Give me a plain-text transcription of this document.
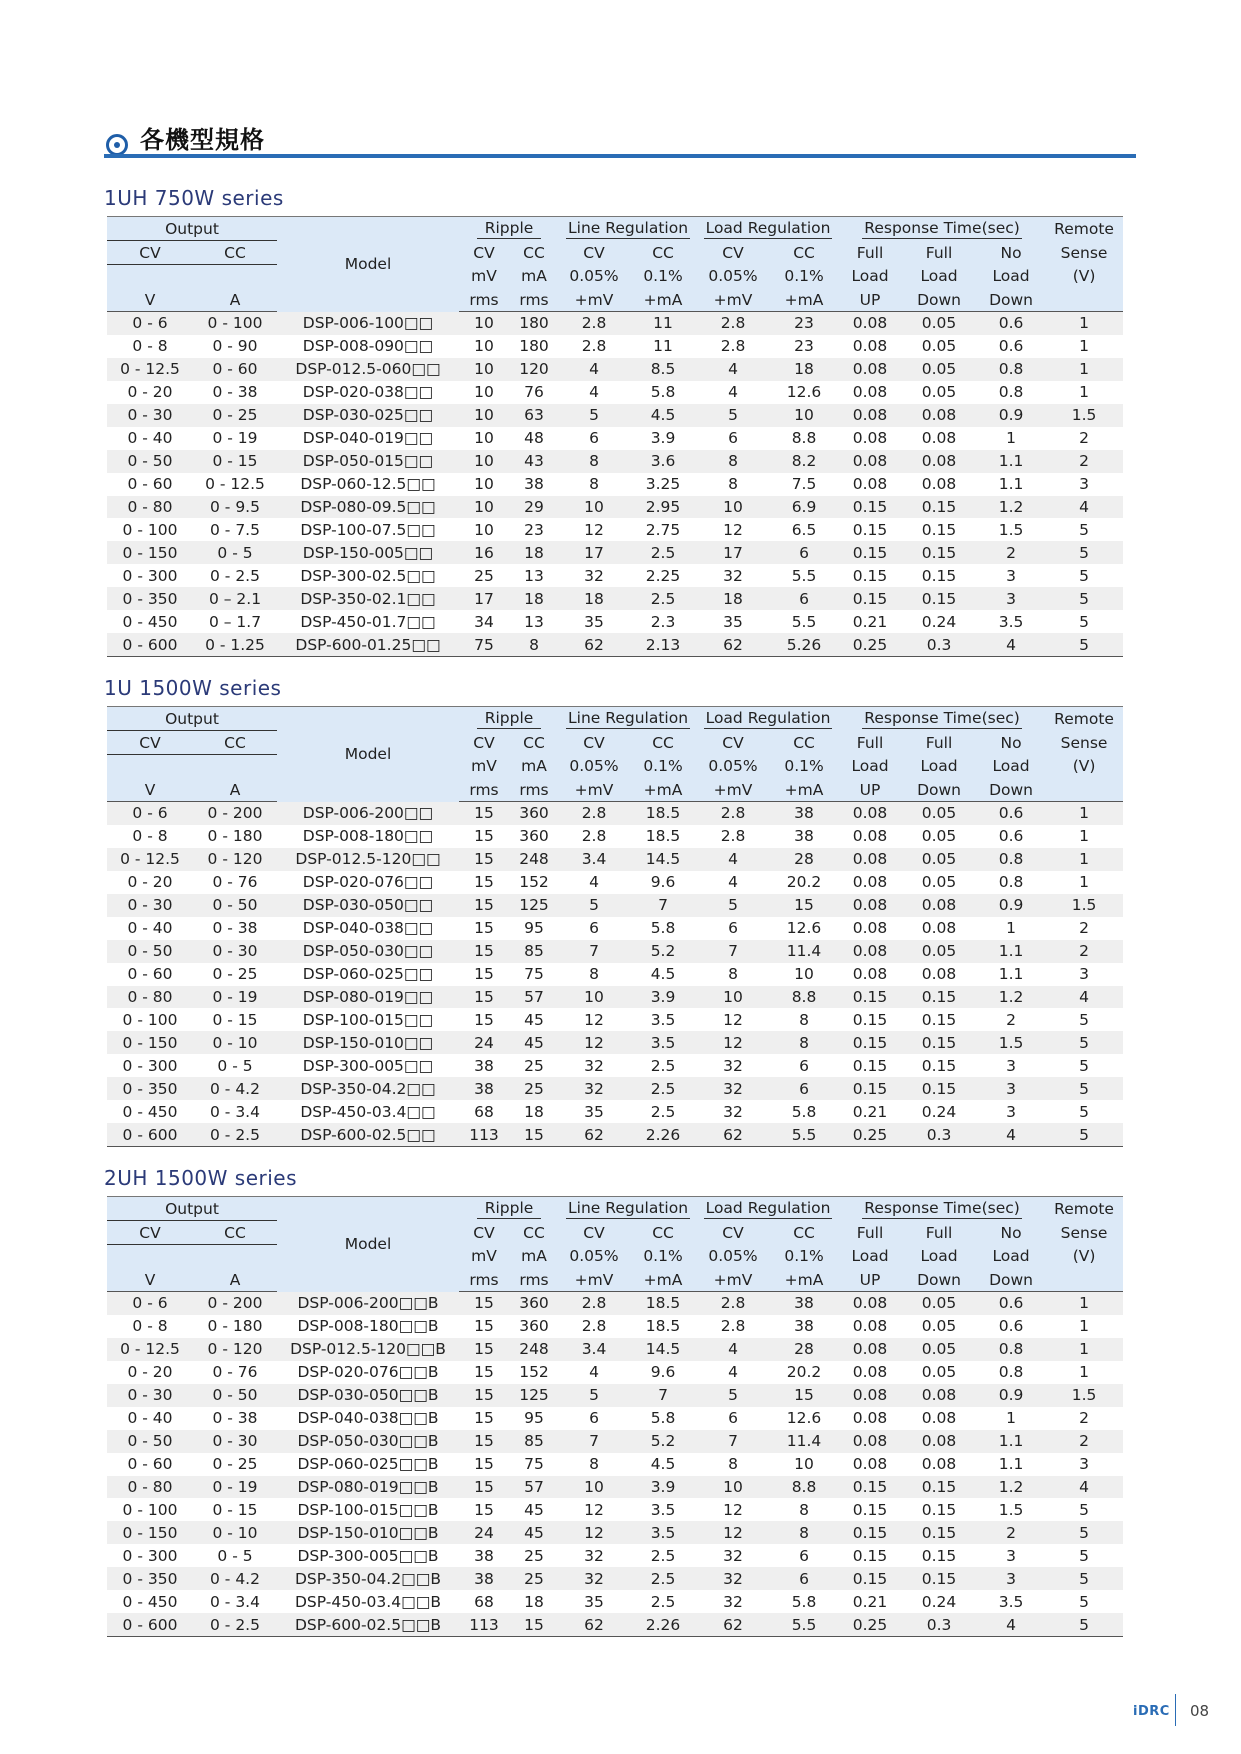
各機型規格
1UH 750W series
Output		Model	Ripple		Line Regulation		Load Regulation		Response Time(sec)			Remote
CV	CC		CV	CC	CV	CC	CV	CC	Full	Full	No	Sense
			mV	mA	0.05%	0.1%	0.05%	0.1%	Load	Load	Load	(V)
V	A		rms	rms	+mV	+mA	+mV	+mA	UP	Down	Down	
0 - 6	0 - 100	DSP-006-100□□	10	180	2.8	11	2.8	23	0.08	0.05	0.6	1
0 - 8	0 - 90	DSP-008-090□□	10	180	2.8	11	2.8	23	0.08	0.05	0.6	1
0 - 12.5	0 - 60	DSP-012.5-060□□	10	120	4	8.5	4	18	0.08	0.05	0.8	1
0 - 20	0 - 38	DSP-020-038□□	10	76	4	5.8	4	12.6	0.08	0.05	0.8	1
0 - 30	0 - 25	DSP-030-025□□	10	63	5	4.5	5	10	0.08	0.08	0.9	1.5
0 - 40	0 - 19	DSP-040-019□□	10	48	6	3.9	6	8.8	0.08	0.08	1	2
0 - 50	0 - 15	DSP-050-015□□	10	43	8	3.6	8	8.2	0.08	0.08	1.1	2
0 - 60	0 - 12.5	DSP-060-12.5□□	10	38	8	3.25	8	7.5	0.08	0.08	1.1	3
0 - 80	0 - 9.5	DSP-080-09.5□□	10	29	10	2.95	10	6.9	0.15	0.15	1.2	4
0 - 100	0 - 7.5	DSP-100-07.5□□	10	23	12	2.75	12	6.5	0.15	0.15	1.5	5
0 - 150	0 - 5	DSP-150-005□□	16	18	17	2.5	17	6	0.15	0.15	2	5
0 - 300	0 - 2.5	DSP-300-02.5□□	25	13	32	2.25	32	5.5	0.15	0.15	3	5
0 - 350	0 – 2.1	DSP-350-02.1□□	17	18	18	2.5	18	6	0.15	0.15	3	5
0 - 450	0 – 1.7	DSP-450-01.7□□	34	13	35	2.3	35	5.5	0.21	0.24	3.5	5
0 - 600	0 - 1.25	DSP-600-01.25□□	75	8	62	2.13	62	5.26	0.25	0.3	4	5
1U 1500W series
Output		Model	Ripple		Line Regulation		Load Regulation		Response Time(sec)			Remote
CV	CC		CV	CC	CV	CC	CV	CC	Full	Full	No	Sense
			mV	mA	0.05%	0.1%	0.05%	0.1%	Load	Load	Load	(V)
V	A		rms	rms	+mV	+mA	+mV	+mA	UP	Down	Down	
0 - 6	0 - 200	DSP-006-200□□	15	360	2.8	18.5	2.8	38	0.08	0.05	0.6	1
0 - 8	0 - 180	DSP-008-180□□	15	360	2.8	18.5	2.8	38	0.08	0.05	0.6	1
0 - 12.5	0 - 120	DSP-012.5-120□□	15	248	3.4	14.5	4	28	0.08	0.05	0.8	1
0 - 20	0 - 76	DSP-020-076□□	15	152	4	9.6	4	20.2	0.08	0.05	0.8	1
0 - 30	0 - 50	DSP-030-050□□	15	125	5	7	5	15	0.08	0.08	0.9	1.5
0 - 40	0 - 38	DSP-040-038□□	15	95	6	5.8	6	12.6	0.08	0.08	1	2
0 - 50	0 - 30	DSP-050-030□□	15	85	7	5.2	7	11.4	0.08	0.05	1.1	2
0 - 60	0 - 25	DSP-060-025□□	15	75	8	4.5	8	10	0.08	0.08	1.1	3
0 - 80	0 - 19	DSP-080-019□□	15	57	10	3.9	10	8.8	0.15	0.15	1.2	4
0 - 100	0 - 15	DSP-100-015□□	15	45	12	3.5	12	8	0.15	0.15	2	5
0 - 150	0 - 10	DSP-150-010□□	24	45	12	3.5	12	8	0.15	0.15	1.5	5
0 - 300	0 - 5	DSP-300-005□□	38	25	32	2.5	32	6	0.15	0.15	3	5
0 - 350	0 - 4.2	DSP-350-04.2□□	38	25	32	2.5	32	6	0.15	0.15	3	5
0 - 450	0 - 3.4	DSP-450-03.4□□	68	18	35	2.5	32	5.8	0.21	0.24	3	5
0 - 600	0 - 2.5	DSP-600-02.5□□	113	15	62	2.26	62	5.5	0.25	0.3	4	5
2UH 1500W series
Output		Model	Ripple		Line Regulation		Load Regulation		Response Time(sec)			Remote
CV	CC		CV	CC	CV	CC	CV	CC	Full	Full	No	Sense
			mV	mA	0.05%	0.1%	0.05%	0.1%	Load	Load	Load	(V)
V	A		rms	rms	+mV	+mA	+mV	+mA	UP	Down	Down	
0 - 6	0 - 200	DSP-006-200□□B	15	360	2.8	18.5	2.8	38	0.08	0.05	0.6	1
0 - 8	0 - 180	DSP-008-180□□B	15	360	2.8	18.5	2.8	38	0.08	0.05	0.6	1
0 - 12.5	0 - 120	DSP-012.5-120□□B	15	248	3.4	14.5	4	28	0.08	0.05	0.8	1
0 - 20	0 - 76	DSP-020-076□□B	15	152	4	9.6	4	20.2	0.08	0.05	0.8	1
0 - 30	0 - 50	DSP-030-050□□B	15	125	5	7	5	15	0.08	0.08	0.9	1.5
0 - 40	0 - 38	DSP-040-038□□B	15	95	6	5.8	6	12.6	0.08	0.08	1	2
0 - 50	0 - 30	DSP-050-030□□B	15	85	7	5.2	7	11.4	0.08	0.08	1.1	2
0 - 60	0 - 25	DSP-060-025□□B	15	75	8	4.5	8	10	0.08	0.08	1.1	3
0 - 80	0 - 19	DSP-080-019□□B	15	57	10	3.9	10	8.8	0.15	0.15	1.2	4
0 - 100	0 - 15	DSP-100-015□□B	15	45	12	3.5	12	8	0.15	0.15	1.5	5
0 - 150	0 - 10	DSP-150-010□□B	24	45	12	3.5	12	8	0.15	0.15	2	5
0 - 300	0 - 5	DSP-300-005□□B	38	25	32	2.5	32	6	0.15	0.15	3	5
0 - 350	0 - 4.2	DSP-350-04.2□□B	38	25	32	2.5	32	6	0.15	0.15	3	5
0 - 450	0 - 3.4	DSP-450-03.4□□B	68	18	35	2.5	32	5.8	0.21	0.24	3.5	5
0 - 600	0 - 2.5	DSP-600-02.5□□B	113	15	62	2.26	62	5.5	0.25	0.3	4	5
iDRC 08
